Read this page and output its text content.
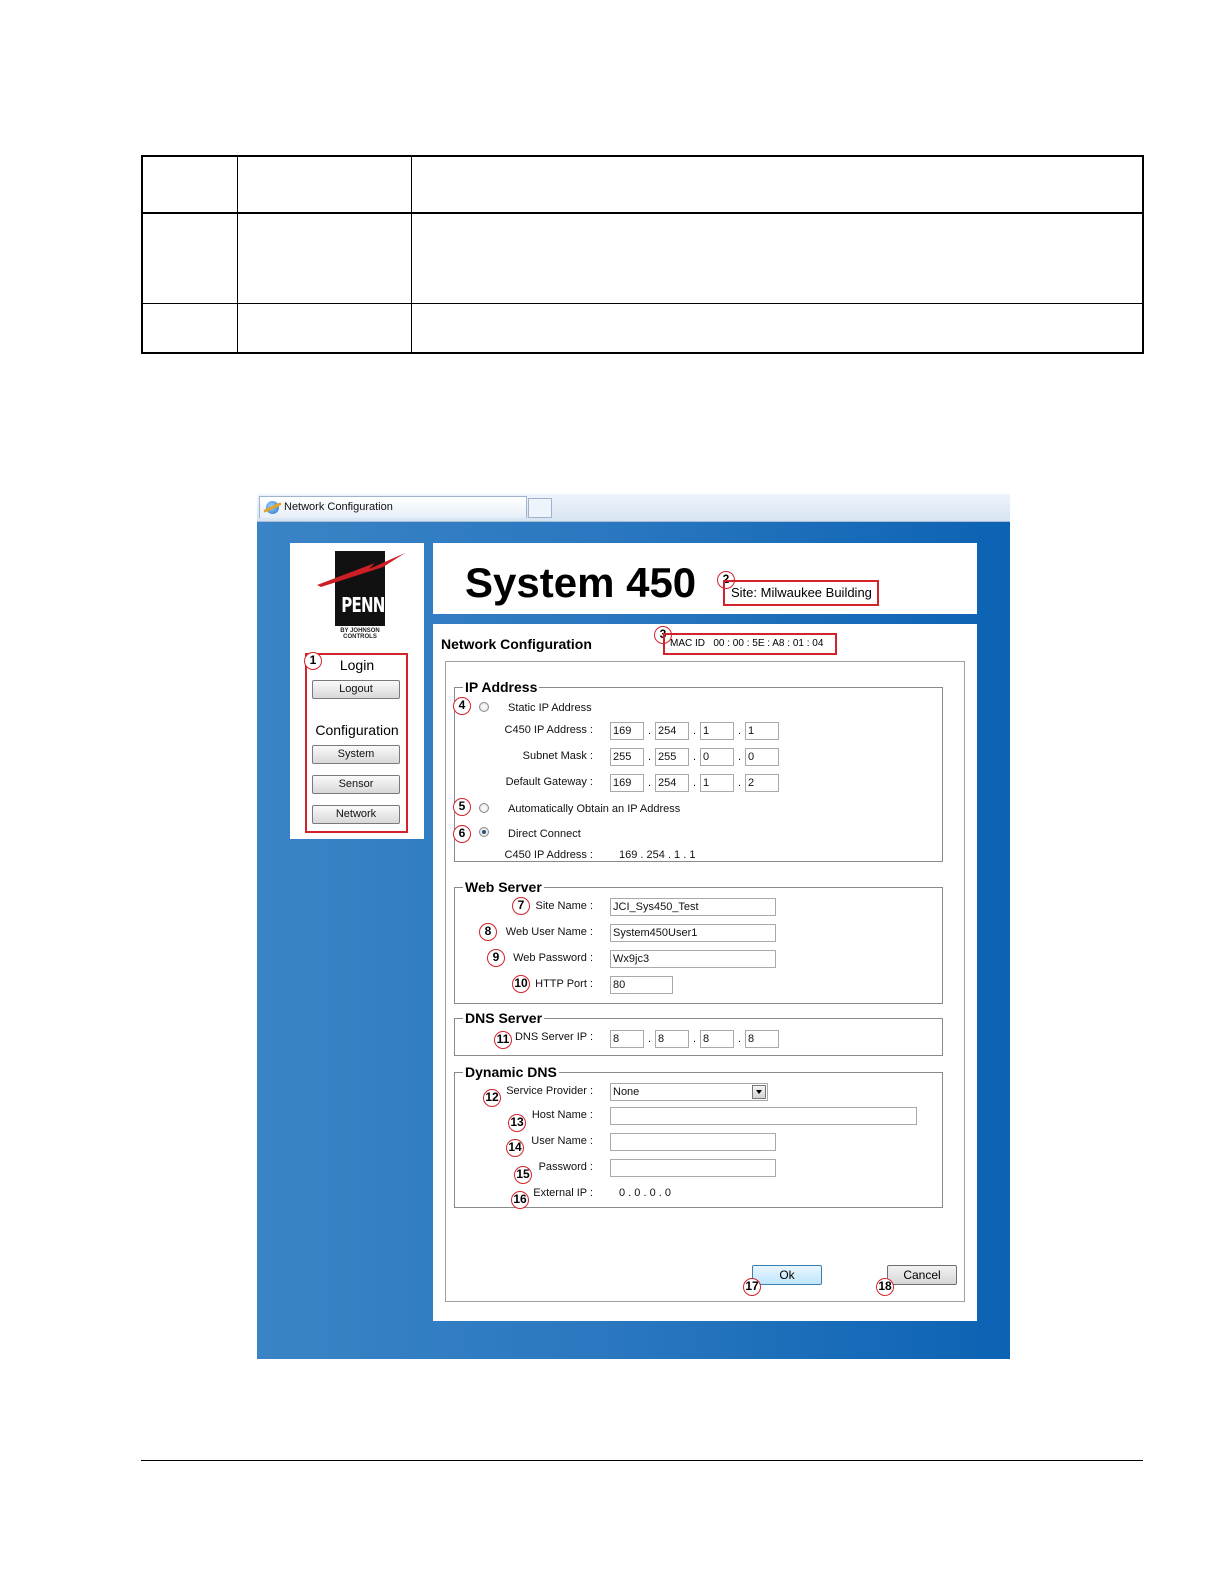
Network Configuration
PENN
BY JOHNSON
CONTROLS
1	Login
Logout
Configuration
System
Sensor
Network
System 450	2
Site: Milwaukee Building
Network Configuration
3
MAC ID   00 : 00 : 5E : A8 : 01 : 04
IP Address
4	Static IP Address
C450 IP Address : 169	. 254	. 1	. 1
Subnet Mask : 255	. 255	. 0	. 0
Default Gateway : 169	. 254	. 1	. 2
5	Automatically Obtain an IP Address
6	Direct Connect
C450 IP Address : 169 . 254 . 1 . 1
Web Server
7	Site Name : JCI_Sys450_Test
8	Web User Name : System450User1
9	Web Password : Wx9jc3
10 HTTP Port : 80
DNS Server
11 DNS Server IP : 8	. 8	. 8	. 8
Dynamic DNS
12 Service Provider : None
13 Host Name :
14 User Name :
15 Password :
16 External IP : 0 . 0 . 0 . 0
Ok
17
Cancel
18
